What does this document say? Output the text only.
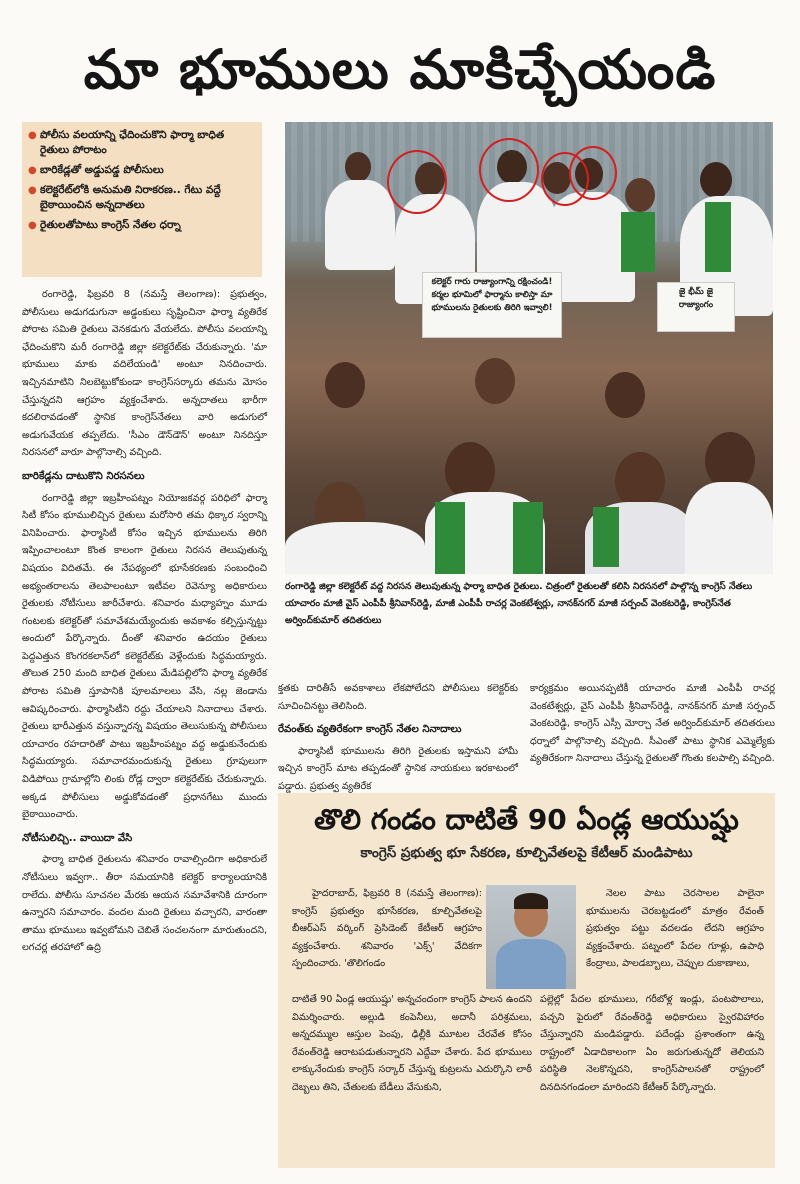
మా భూములు మాకిచ్చేయండి
● పోలీసు వలయాన్ని ఛేదించుకొని ఫార్మా బాధిత రైతులు పోరాటం
● బారికేడ్లతో అడ్డుపడ్డ పోలీసులు
● కలెక్టరేట్‌లోకి అనుమతి నిరాకరణ.. గేటు వద్దే బైఠాయించిన అన్నదాతలు
● రైతులతోపాటు కాంగ్రెస్ నేతల ధర్నా
కలెక్టర్ గారు రాజ్యాంగాన్ని రక్షించండి! కర్మల భూమిలో ఫార్మాను కాలిస్తా మా భూములను రైతులకు తిరిగి ఇవ్వాలి!
జై భీమ్ జై రాజ్యాంగం
రంగారెడ్డి జిల్లా కలెక్టరేట్ వద్ద నిరసన తెలుపుతున్న ఫార్మా బాధిత రైతులు. చిత్రంలో రైతులతో కలిసి నిరసనలో పాల్గొన్న కాంగ్రెస్ నేతలు యాచారం మాజీ వైస్ ఎంపీపీ శ్రీనివాస్‌రెడ్డి, మాజీ ఎంపీపీ రాచర్ల వెంకటేశ్వర్లు, నానక్‌నగర్ మాజీ సర్పంచ్ వెంకటరెడ్డి, కాంగ్రెస్‌నేత అర్వింద్‌కుమార్ తదితరులు

రంగారెడ్డి, ఫిబ్రవరి 8 (నమస్తే తెలంగాణ): ప్రభుత్వం, పోలీసులు అడుగడుగునా అడ్డంకులు సృష్టించినా ఫార్మా వ్యతిరేక పోరాట సమితి రైతులు వెనకడుగు వేయలేదు. పోలీసు వలయాన్ని ఛేదించుకొని మరీ రంగారెడ్డి జిల్లా కలెక్టరేట్‌కు చేరుకున్నారు. 'మా భూములు మాకు వదిలేయండి' అంటూ నినదించారు. ఇచ్చినమాటిని నిలబెట్టుకోకుండా కాంగ్రెస్‌సర్కారు తమను మోసం చేస్తున్నదని ఆగ్రహం వ్యక్తంచేశారు. అన్నదాతలు భారీగా కదలిరావడంతో స్థానిక కాంగ్రెస్‌నేతలు వారి అడుగులో అడుగువేయక తప్పలేదు. 'సీఎం డౌన్‌డౌన్' అంటూ నినదిస్తూ నిరసనలో వారూ పాల్గొనాల్సి వచ్చింది.

బారికేడ్లను దాటుకొని నిరసనలు

రంగారెడ్డి జిల్లా ఇబ్రహీంపట్నం నియోజకవర్గ పరిధిలో ఫార్మా సిటీ కోసం భూములిచ్చిన రైతులు మరోసారి తమ ధిక్కార స్వరాన్ని వినిపించారు. ఫార్మాసిటీ కోసం ఇచ్చిన భూములను తిరిగి ఇప్పించాలంటూ కొంత కాలంగా రైతులు నిరసన తెలుపుతున్న విషయం విదితమే. ఈ నేపథ్యంలో భూసేకరణకు సంబంధించి అభ్యంతరాలను తెలపాలంటూ ఇటీవల రెవెన్యూ అధికారులు రైతులకు నోటీసులు జారీచేశారు. శనివారం మధ్యాహ్నం మూడు గంటలకు కలెక్టర్‌తో సమావేశమయ్యేందుకు అవకాశం కల్పిస్తున్నట్టు అందులో పేర్కొన్నారు. దీంతో శనివారం ఉదయం రైతులు పెద్దఎత్తున కొంగరకలాన్‌లో కలెక్టరేట్‌కు వెళ్లేందుకు సిద్ధమయ్యారు. తొలుత 250 మంది బాధిత రైతులు మేడిపల్లిలోని ఫార్మా వ్యతిరేక పోరాట సమితి స్తూపానికి పూలమాలలు వేసి, నల్ల జెండాను ఆవిష్కరించారు. ఫార్మాసిటీని రద్దు చేయాలని నినాదాలు చేశారు. రైతులు భారీఎత్తున వస్తున్నారన్న విషయం తెలుసుకున్న పోలీసులు యాచారం రహదారితో పాటు ఇబ్రహీంపట్నం వద్ద అడ్డుకునేందుకు సిద్ధమయ్యారు. సమాచారమందుకున్న రైతులు గ్రూపులుగా విడిపోయి గ్రామాల్లోని లింకు రోడ్ల ద్వారా కలెక్టరేట్‌కు చేరుకున్నారు. అక్కడ పోలీసులు అడ్డుకోవడంతో ప్రధానగేటు ముందు బైఠాయించారు.

నోటీసులిచ్చి.. వాయిదా వేసి

ఫార్మా బాధిత రైతులను శనివారం రావాల్సిందిగా అధికారులే నోటీసులు ఇవ్వగా.. తీరా సమయానికి కలెక్టర్ కార్యాలయానికి రాలేదు. పోలీసు సూచనల మేరకు ఆయన సమావేశానికి దూరంగా ఉన్నారని సమాచారం. వందల మంది రైతులు వచ్చారని, వారంతా తాము భూములు ఇవ్వబోమని చెబితే సంచలనంగా మారుతుందని, లగచర్ల తరహాలో ఉద్రి

క్తతకు దారితీసే అవకాశాలు లేకపోలేదని పోలీసులు కలెక్టర్‌కు సూచించినట్టు తెలిసింది.

రేవంత్‌కు వ్యతిరేకంగా కాంగ్రెస్ నేతల నినాదాలు

ఫార్మాసిటీ భూములను తిరిగి రైతులకు ఇస్తామని హామీ ఇచ్చిన కాంగ్రెస్ మాట తప్పడంతో స్థానిక నాయకులు ఇరకాటంలో పడ్డారు. ప్రభుత్వ వ్యతిరేక

కార్యక్రమం అయినప్పటికీ యాచారం మాజీ ఎంపీపీ రాచర్ల వెంకటేశ్వర్లు, వైస్ ఎంపీపీ శ్రీనివాస్‌రెడ్డి, నానక్‌నగర్ మాజీ సర్పంచ్ వెంకటరెడ్డి, కాంగ్రెస్ ఎస్సీ మోర్చా నేత అర్వింద్‌కుమార్ తదితరులు ధర్నాలో పాల్గొనాల్సి వచ్చింది. సీఎంతో పాటు స్థానిక ఎమ్మెల్యేకు వ్యతిరేకంగా నినాదాలు చేస్తున్న రైతులతో గొంతు కలపాల్సి వచ్చింది.

తొలి గండం దాటితే 90 ఏండ్ల ఆయుష్షు
కాంగ్రెస్ ప్రభుత్వ భూ సేకరణ, కూల్చివేతలపై కేటీఆర్ మండిపాటు
హైదరాబాద్, ఫిబ్రవరి 8 (నమస్తే తెలంగాణ): కాంగ్రెస్ ప్రభుత్వం భూసేకరణ, కూల్చివేతలపై బీఆర్‌ఎస్ వర్కింగ్ ప్రెసిడెంట్ కేటీఆర్ ఆగ్రహం వ్యక్తంచేశారు. శనివారం 'ఎక్స్' వేదికగా స్పందించారు. 'తొలిగండం
దాటితే 90 ఏండ్ల ఆయుష్షు' అన్నచందంగా కాంగ్రెస్ పాలన ఉందని విమర్శించారు. అల్లుడి కంపెనీలు, అదానీ పరిశ్రమలు, అన్నదమ్ముల ఆస్తుల పెంపు, ఢిల్లీకి మూటల చేరవేత కోసం రేవంత్‌రెడ్డి ఆరాటపడుతున్నారని ఎద్దేవా చేశారు. పేద భూములు లాక్కునేందుకు కాంగ్రెస్ సర్కార్ చేస్తున్న కుట్రలను ఎదుర్కొని లాఠీ దెబ్బలు తిని, చేతులకు బేడీలు వేసుకుని,
నెలల పాటు చెరసాలల పాలైనా భూములను చెరబట్టడంలో మాత్రం రేవంత్ ప్రభుత్వం పట్టు వదలడం లేదని ఆగ్రహం వ్యక్తంచేశారు. పట్నంలో పేదల గూళ్లు, ఉపాధి కేంద్రాలు, పాలడబ్బాలు, చెప్పుల దుకాణాలు,
పల్లెల్లో పేదల భూములు, గరీబోళ్ల ఇండ్లు, పంటపొలాలు, పచ్చని పైరులో రేవంత్‌రెడ్డి అధికారులు స్వైరవిహారం చేస్తున్నారని మండిపడ్డారు. పదేండ్లు ప్రశాంతంగా ఉన్న రాష్ట్రంలో ఏడాదికాలంగా ఏం జరుగుతున్నదో తెలియని పరిస్థితి నెలకొన్నదని, కాంగ్రెస్‌పాలనతో రాష్ట్రంలో దినదినగండంలా మారిందని కేటీఆర్ పేర్కొన్నారు.
